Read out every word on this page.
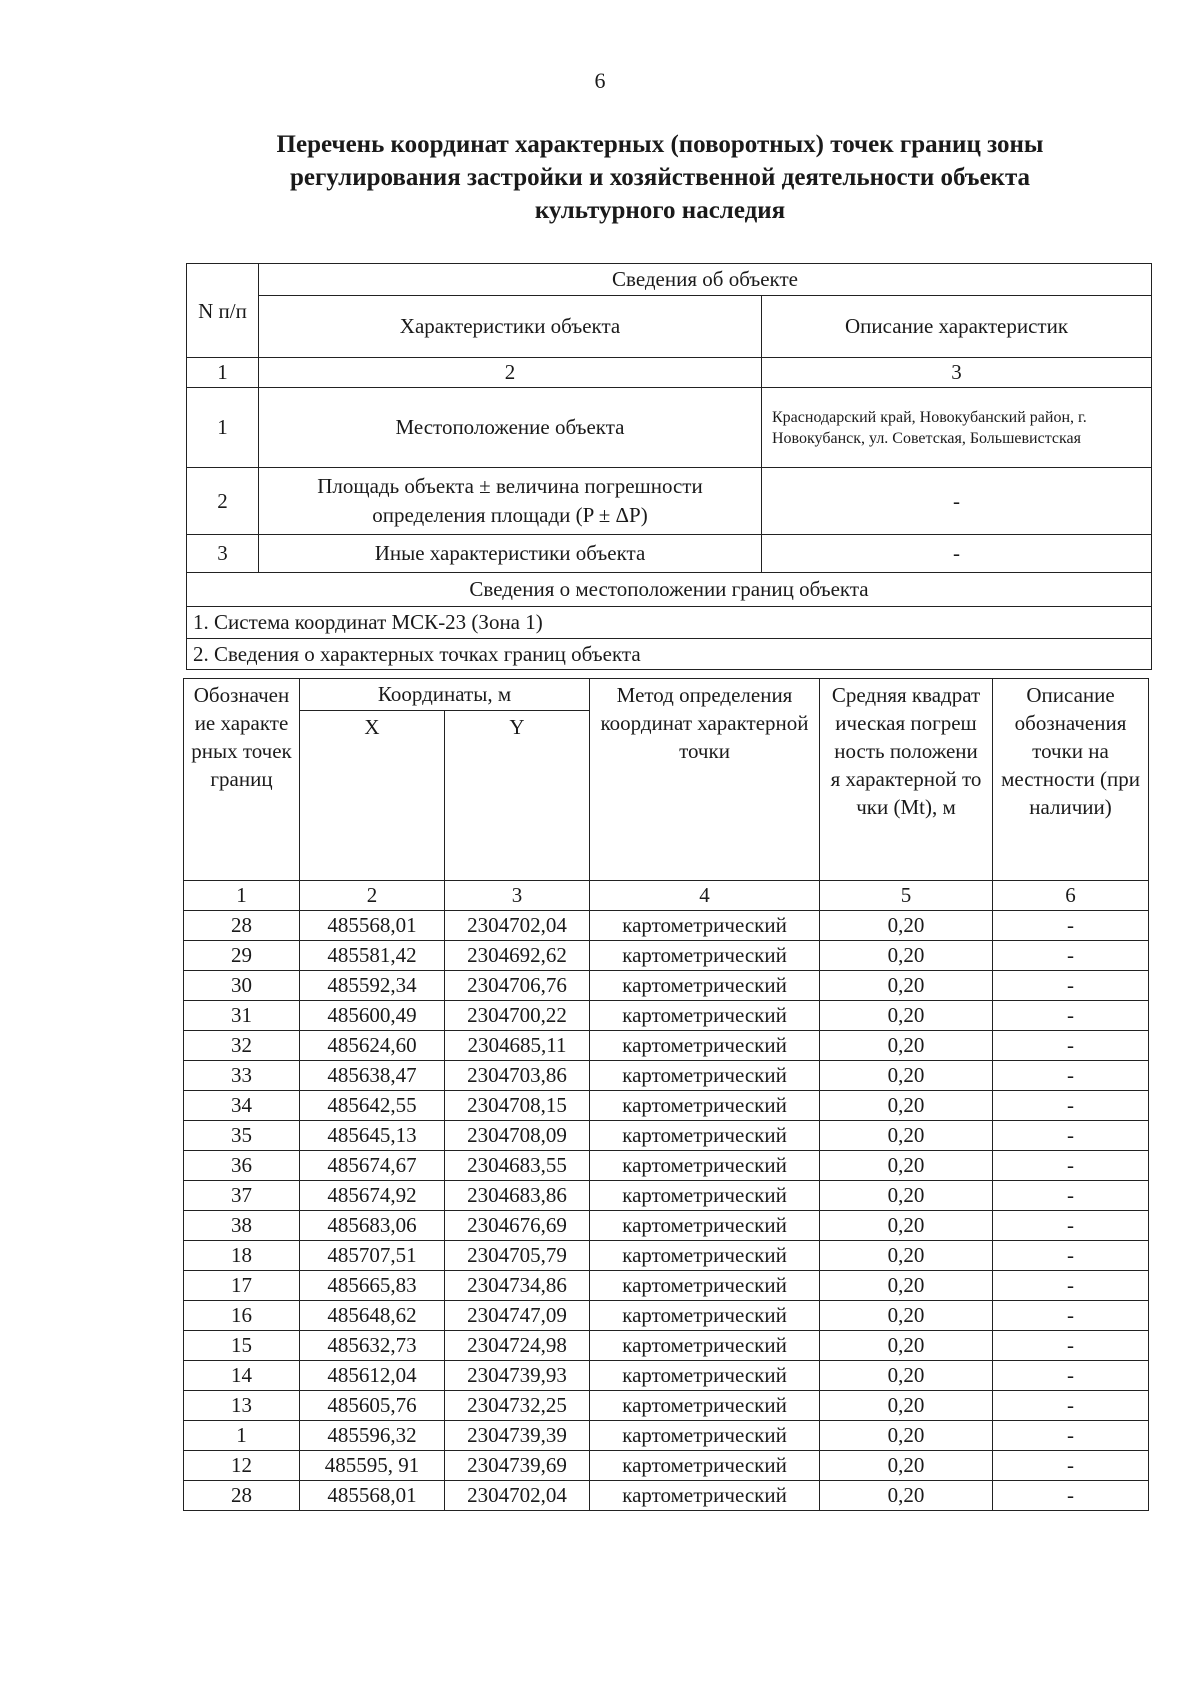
6
Перечень координат характерных (поворотных) точек границ зоны
регулирования застройки и хозяйственной деятельности объекта
культурного наследия
N п/п	Сведения об объекте	
	Характеристики объекта	Описание характеристик
1	2	3
1	Местоположение объекта	Краснодарский край, Новокубанский район, г. Новокубанск, ул. Советская, Большевистская
2	Площадь объекта ± величина погрешности определения площади (P ± ΔP)	-
3	Иные характеристики объекта	-
Сведения о местоположении границ объекта		
1. Система координат МСК-23 (Зона 1)		
2. Сведения о характерных точках границ объекта		
Обозначение характерных точек границ	Координаты, м		Метод определения координат характерной точки	Средняя квадратическая погрешность положения характерной точки (Mt), м	Описание обозначения точки на местности (при наличии)
	X	Y			
1	2	3	4	5	6
28	485568,01	2304702,04	картометрический	0,20	-
29	485581,42	2304692,62	картометрический	0,20	-
30	485592,34	2304706,76	картометрический	0,20	-
31	485600,49	2304700,22	картометрический	0,20	-
32	485624,60	2304685,11	картометрический	0,20	-
33	485638,47	2304703,86	картометрический	0,20	-
34	485642,55	2304708,15	картометрический	0,20	-
35	485645,13	2304708,09	картометрический	0,20	-
36	485674,67	2304683,55	картометрический	0,20	-
37	485674,92	2304683,86	картометрический	0,20	-
38	485683,06	2304676,69	картометрический	0,20	-
18	485707,51	2304705,79	картометрический	0,20	-
17	485665,83	2304734,86	картометрический	0,20	-
16	485648,62	2304747,09	картометрический	0,20	-
15	485632,73	2304724,98	картометрический	0,20	-
14	485612,04	2304739,93	картометрический	0,20	-
13	485605,76	2304732,25	картометрический	0,20	-
1	485596,32	2304739,39	картометрический	0,20	-
12	485595, 91	2304739,69	картометрический	0,20	-
28	485568,01	2304702,04	картометрический	0,20	-
